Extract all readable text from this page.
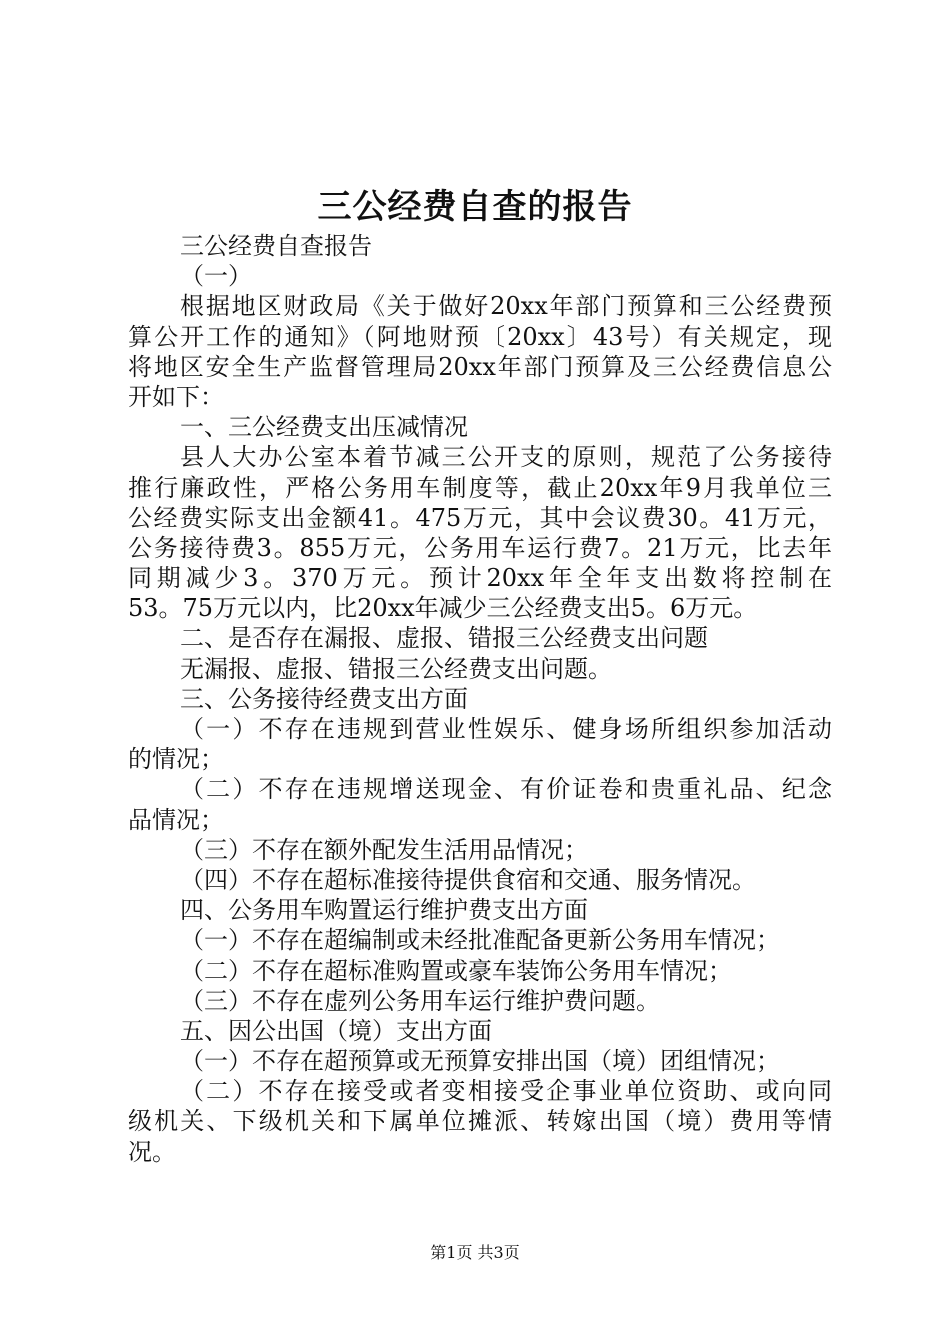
三公经费自查的报告
三公经费自查报告
（一）
根据地区财政局《关于做好20xx年部门预算和三公经费预
算公开工作的通知》（阿地财预〔20xx〕43号）有关规定，现
将地区安全生产监督管理局20xx年部门预算及三公经费信息公
开如下：
一、三公经费支出压减情况
县人大办公室本着节减三公开支的原则，规范了公务接待
推行廉政性，严格公务用车制度等，截止20xx年9月我单位三
公经费实际支出金额41。475万元，其中会议费30。41万元，
公务接待费3。855万元，公务用车运行费7。21万元，比去年
同期减少3。370万元。预计20xx年全年支出数将控制在
53。75万元以内，比20xx年减少三公经费支出5。6万元。
二、是否存在漏报、虚报、错报三公经费支出问题
无漏报、虚报、错报三公经费支出问题。
三、公务接待经费支出方面
（一）不存在违规到营业性娱乐、健身场所组织参加活动
的情况；
（二）不存在违规增送现金、有价证卷和贵重礼品、纪念
品情况；
（三）不存在额外配发生活用品情况；
（四）不存在超标准接待提供食宿和交通、服务情况。
四、公务用车购置运行维护费支出方面
（一）不存在超编制或未经批准配备更新公务用车情况；
（二）不存在超标准购置或豪车装饰公务用车情况；
（三）不存在虚列公务用车运行维护费问题。
五、因公出国（境）支出方面
（一）不存在超预算或无预算安排出国（境）团组情况；
（二）不存在接受或者变相接受企事业单位资助、或向同
级机关、下级机关和下属单位摊派、转嫁出国（境）费用等情
况。
第1页 共3页
